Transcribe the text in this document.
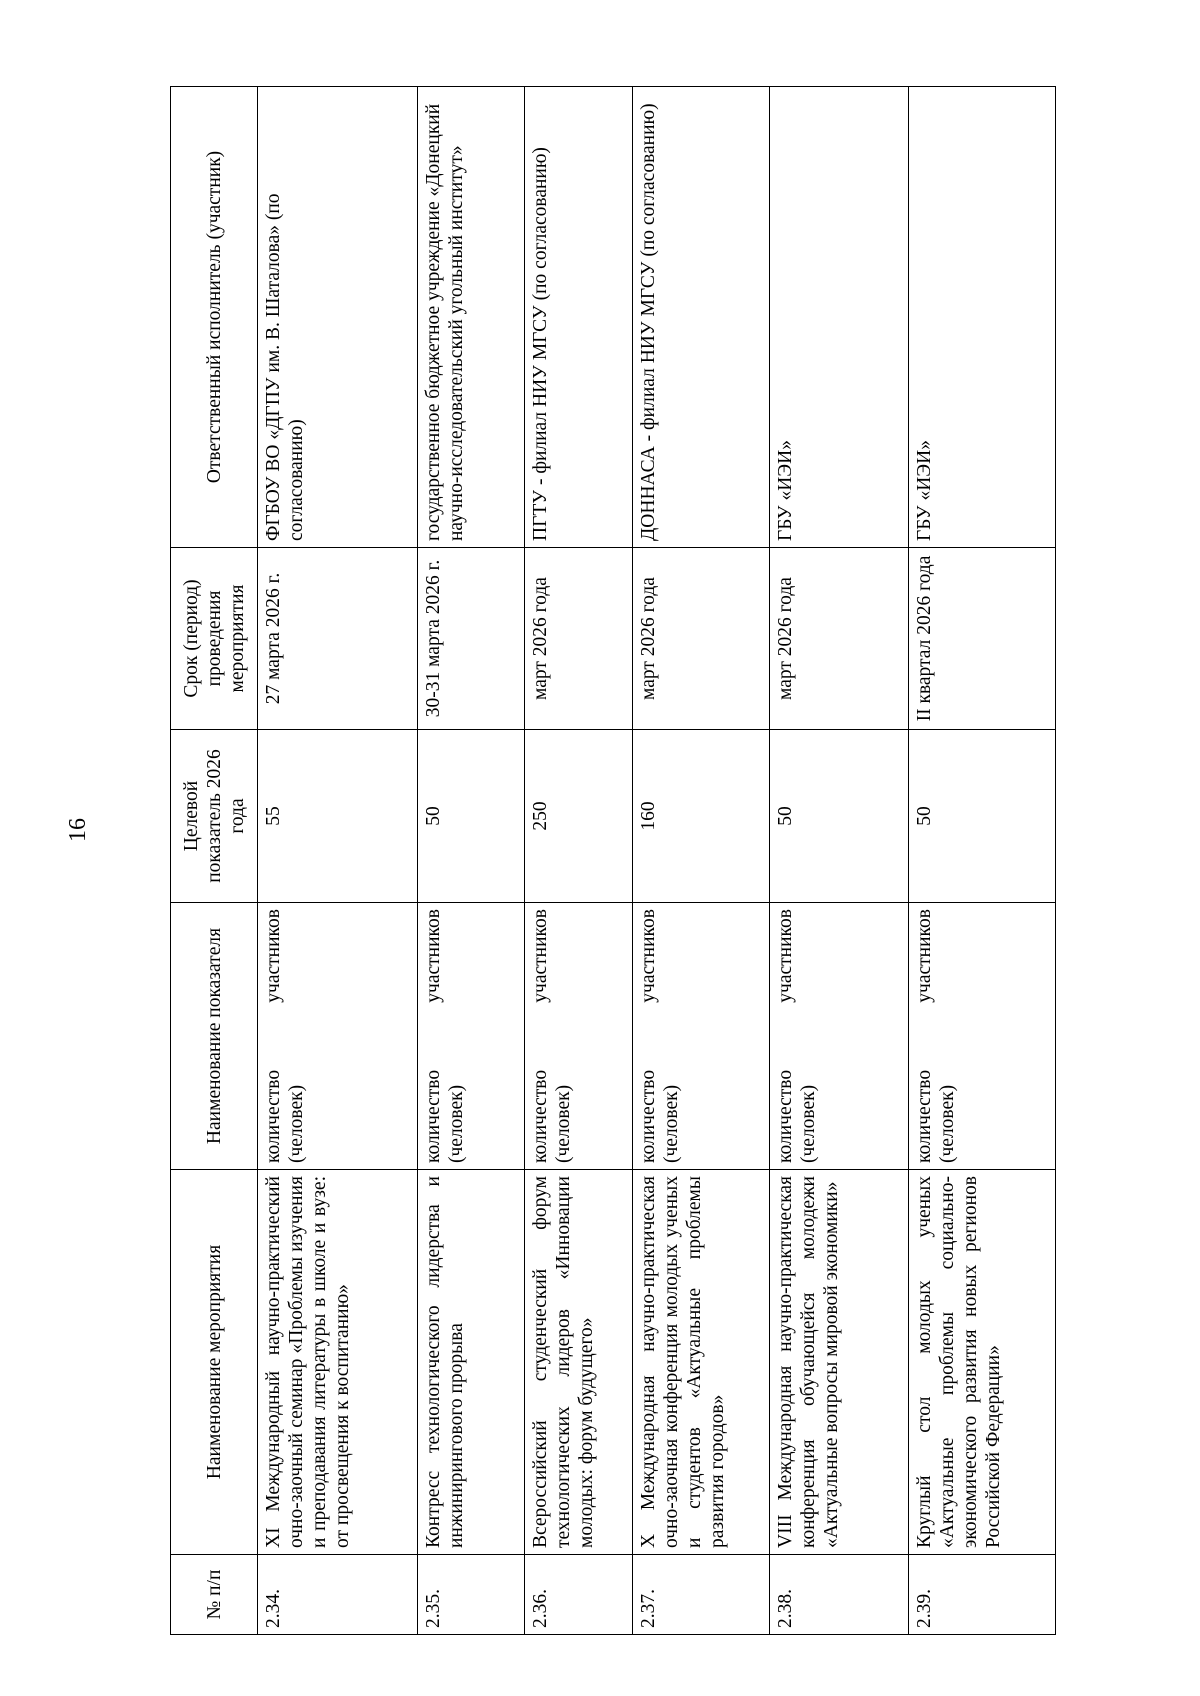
16
№ п/п	Наименование мероприятия	Наименование показателя	Целевой показатель 2026 года	Срок (период) проведения мероприятия	Ответственный исполнитель (участник)
2.34.	XI Международный научно-практический очно-заочный семинар «Проблемы изучения и преподавания литературы в школе и вузе: от просвещения к воспитанию»	количество участников (человек)	55	27 марта 2026 г.	ФГБОУ ВО «ДГПУ им. В. Шаталова» (по согласованию)
2.35.	Контресс технологического лидерства и инжинирингового прорыва	количество участников (человек)	50	30-31 марта 2026 г.	государственное бюджетное учреждение «Донецкий научно-исследовательский угольный институт»
2.36.	Всероссийский студенческий форум технологических лидеров «Инновации молодых: форум будущего»	количество участников (человек)	250	март 2026 года	ПГТУ - филиал НИУ МГСУ (по согласованию)
2.37.	X Международная научно-практическая очно-заочная конференция молодых ученых и студентов «Актуальные проблемы развития городов»	количество участников (человек)	160	март 2026 года	ДОННАСА - филиал НИУ МГСУ (по согласованию)
2.38.	VIII Международная научно-практическая конференция обучающейся молодежи «Актуальные вопросы мировой экономики»	количество участников (человек)	50	март 2026 года	ГБУ «ИЭИ»
2.39.	Круглый стол молодых ученых «Актуальные проблемы социально-экономического развития новых регионов Российской Федерации»	количество участников (человек)	50	II квартал 2026 года	ГБУ «ИЭИ»
